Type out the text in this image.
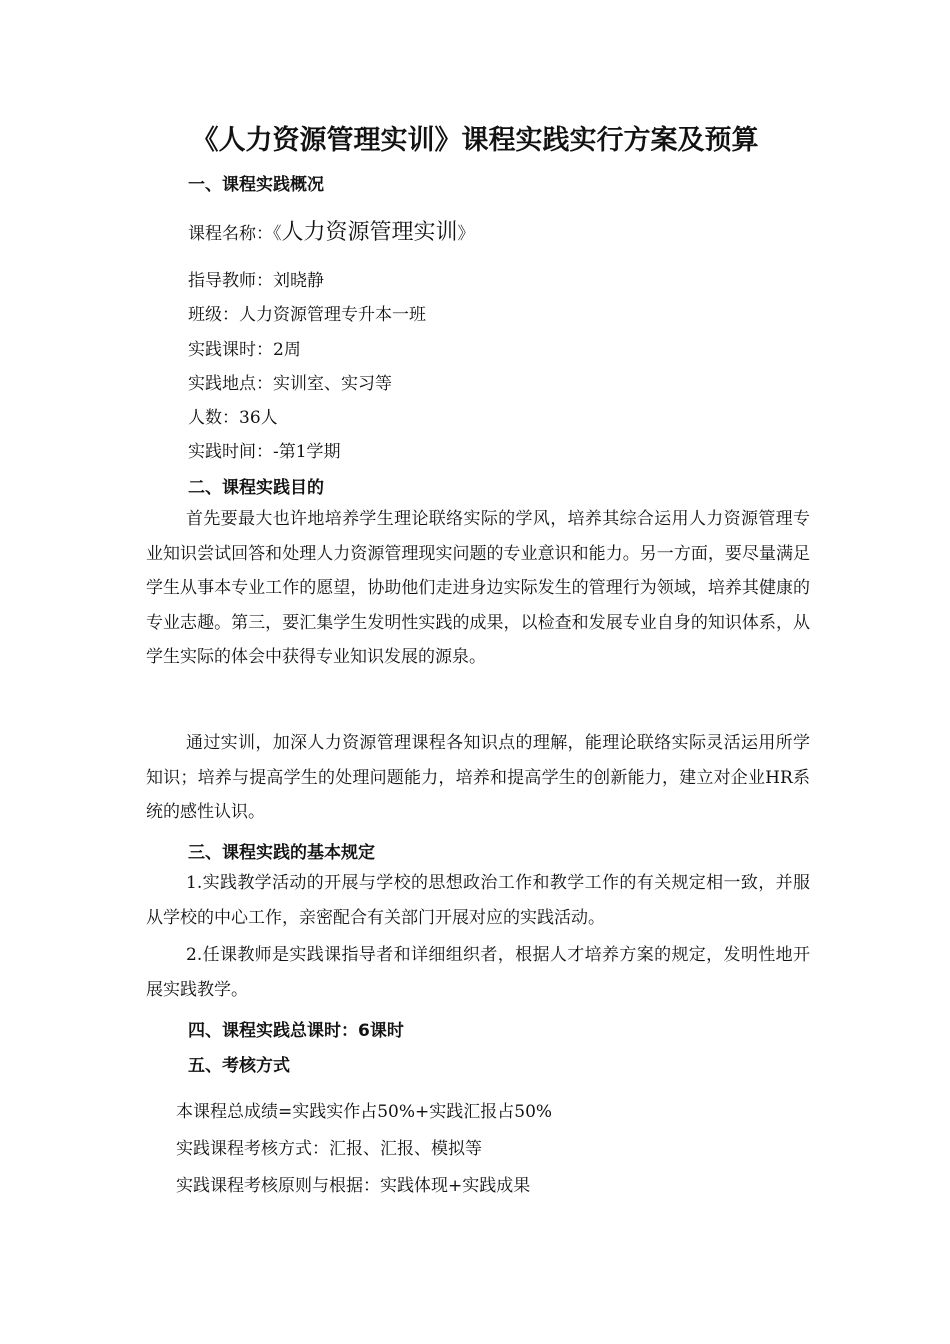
《人力资源管理实训》课程实践实行方案及预算
一、课程实践概况
课程名称：《人力资源管理实训》
指导教师：刘晓静
班级：人力资源管理专升本一班
实践课时：2周
实践地点：实训室、实习等
人数：36人
实践时间：-第1学期
二、课程实践目的
首先要最大也许地培养学生理论联络实际的学风，培养其综合运用人力资源管理专业知识尝试回答和处理人力资源管理现实问题的专业意识和能力。另一方面，要尽量满足学生从事本专业工作的愿望，协助他们走进身边实际发生的管理行为领域，培养其健康的专业志趣。第三，要汇集学生发明性实践的成果，以检查和发展专业自身的知识体系，从学生实际的体会中获得专业知识发展的源泉。
通过实训，加深人力资源管理课程各知识点的理解，能理论联络实际灵活运用所学知识；培养与提高学生的处理问题能力，培养和提高学生的创新能力，建立对企业HR系统的感性认识。
三、课程实践的基本规定
1.实践教学活动的开展与学校的思想政治工作和教学工作的有关规定相一致，并服从学校的中心工作，亲密配合有关部门开展对应的实践活动。
2.任课教师是实践课指导者和详细组织者，根据人才培养方案的规定，发明性地开展实践教学。
四、课程实践总课时：6课时
五、考核方式
本课程总成绩=实践实作占50%+实践汇报占50%
实践课程考核方式：汇报、汇报、模拟等
实践课程考核原则与根据：实践体现+实践成果
